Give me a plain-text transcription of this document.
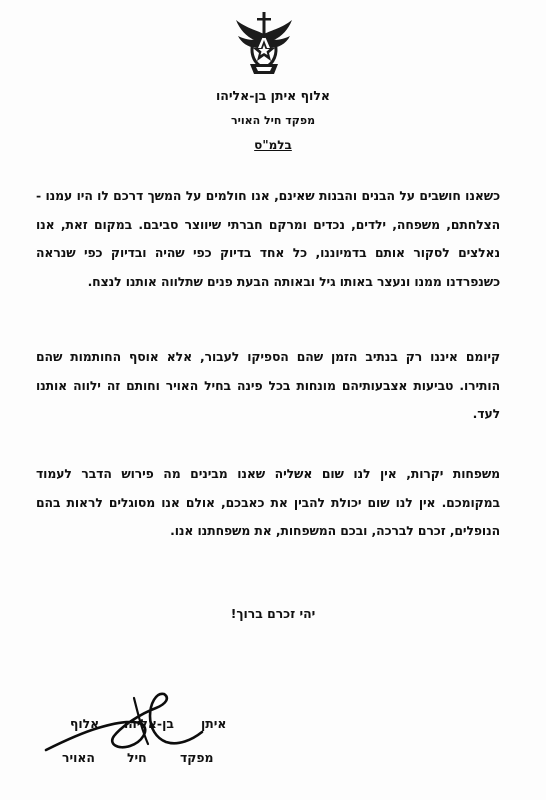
אלוף איתן בן-אליהו
מפקד חיל האויר
בלמ"ס

כשאנו חושבים על הבנים והבנות שאינם, אנו חולמים על המשך דרכם לו היו עמנו - הצלחתם, משפחה, ילדים, נכדים ומרקם חברתי שיווצר סביבם. במקום זאת, אנו נאלצים לסקור אותם בדמיוננו, כל אחד בדיוק כפי שהיה ובדיוק כפי שנראה כשנפרדנו ממנו ונעצר באותו גיל ובאותה הבעת פנים שתלווה אותנו לנצח.

קיומם איננו רק בנתיב הזמן שהם הספיקו לעבור, אלא אוסף החותמות שהם הותירו. טביעות אצבעותיהם מונחות בכל פינה בחיל האויר וחותם זה ילווה אותנו לעד.

משפחות יקרות, אין לנו שום אשליה שאנו מבינים מה פירוש הדבר לעמוד במקומכם. אין לנו שום יכולת להבין את כאבכם, אולם אנו מסוגלים לראות בהם הנופלים, זכרם לברכה, ובכם המשפחות, את משפחתנו אנו.

יהי זכרם ברוך!
איתן
בן-אליהו
אלוף
מפקד
חיל
האויר
